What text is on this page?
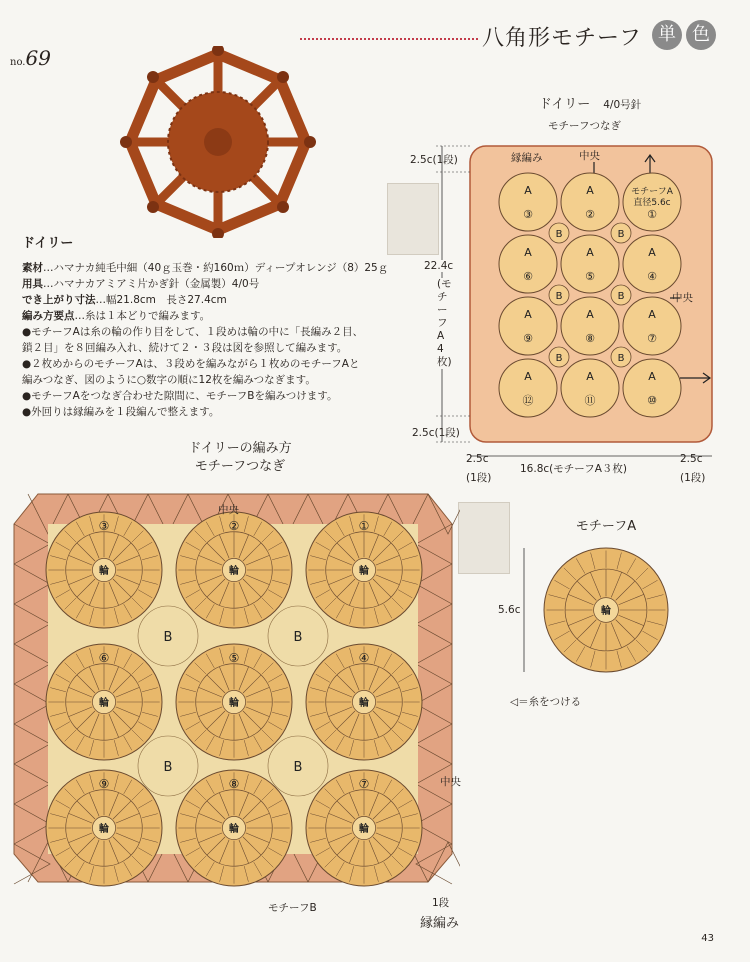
八角形モチーフ 単 色
no.69
ドイリー
素材…ハマナカ純毛中細（40ｇ玉巻・約160ｍ）ディープオレンジ（8）25ｇ
用具…ハマナカアミアミ片かぎ針（金属製）4/0号
でき上がり寸法…幅21.8cm　長さ27.4cm
編み方要点…糸は１本どりで編みます。
●モチーフAは糸の輪の作り目をして、１段めは輪の中に「長編み２目、
鎖２目」を８回編み入れ、続けて２・３段は図を参照して編みます。
●２枚めからのモチーフAは、３段めを編みながら１枚めのモチーフAと
編みつなぎ、図のように○数字の順に12枚を編みつなぎます。
●モチーフAをつなぎ合わせた隙間に、モチーフBを編みつけます。
●外回りは縁編みを１段編んで整えます。
ドイリー　 4/0号針
モチーフつなぎ
A
③
A
②
モチーフA
直径5.6c
①
A
⑥
A
⑤
A
④
A
⑨
A
⑧
A
⑦
A
⑫
A
⑪
A
⑩
B	B
B	B
B	B
縁編み	中央
中央
2.5c(1段)
2.5c(1段)
22.4c
(モチーフA4枚)
2.5c
(1段)
16.8c(モチーフA３枚)
2.5c
(1段)
ドイリーの編み方
モチーフつなぎ
B	B
B	B
輪
③
輪
②
輪
①
輪
⑥
輪
⑤
輪
④
輪
⑨
輪
⑧
輪
⑦
中央
中央
モチーフB	1段
縁編み
モチーフA
5.6c	輪
◁＝糸をつける
43
